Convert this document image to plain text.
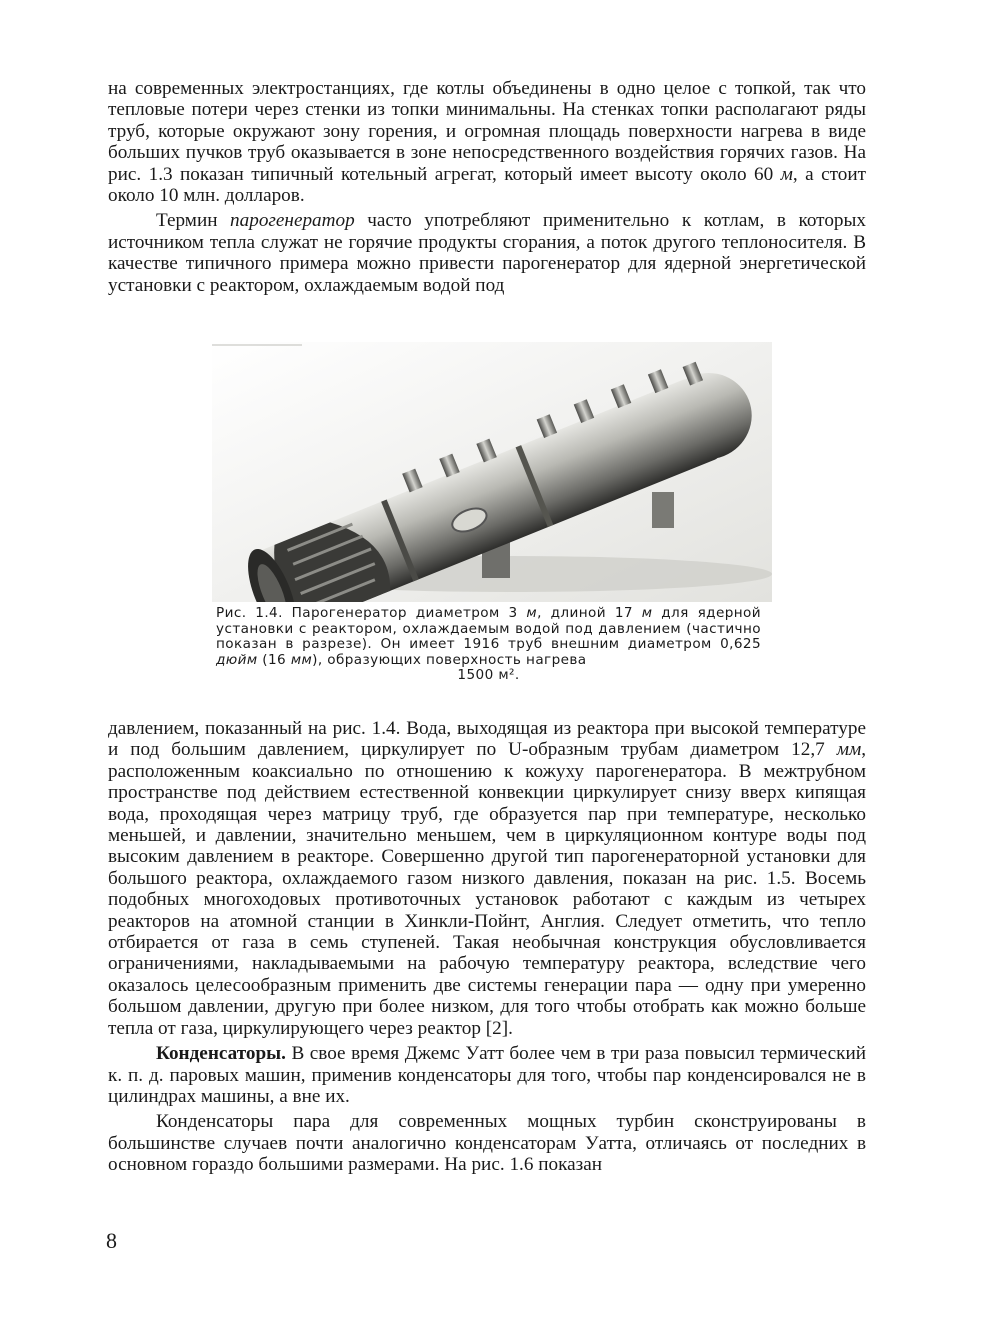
на современных электростанциях, где котлы объединены в одно целое с топкой, так что тепловые потери через стенки из топки минимальны. На стенках топки располагают ряды труб, которые окружают зону горения, и огромная площадь поверхности нагрева в виде больших пучков труб оказывается в зоне непосредственного воздействия горячих газов. На рис. 1.3 показан типичный котельный агрегат, который имеет высоту около 60 м, а стоит около 10 млн. долларов.

Термин парогенератор часто употребляют применительно к котлам, в которых источником тепла служат не горячие продукты сгорания, а поток другого теплоносителя. В качестве типичного примера можно привести парогенератор для ядерной энергетической установки с реактором, охлаждаемым водой под

Рис. 1.4. Парогенератор диаметром 3 м, длиной 17 м для ядерной установки с реактором, охлаждаемым водой под давлением (частично показан в разрезе). Он имеет 1916 труб внешним диаметром 0,625 дюйм (16 мм), образующих поверхность нагрева
1500 м².

давлением, показанный на рис. 1.4. Вода, выходящая из реактора при высокой температуре и под большим давлением, циркулирует по U-образным трубам диаметром 12,7 мм, расположенным коаксиально по отношению к кожуху парогенератора. В межтрубном пространстве под действием естественной конвекции циркулирует снизу вверх кипящая вода, проходящая через матрицу труб, где образуется пар при температуре, несколько меньшей, и давлении, значительно меньшем, чем в циркуляционном контуре воды под высоким давлением в реакторе. Совершенно другой тип парогенераторной установки для большого реактора, охлаждаемого газом низкого давления, показан на рис. 1.5. Восемь подобных многоходовых противоточных установок работают с каждым из четырех реакторов на атомной станции в Хинкли-Пойнт, Англия. Следует отметить, что тепло отбирается от газа в семь ступеней. Такая необычная конструкция обусловливается ограничениями, накладываемыми на рабочую температуру реактора, вследствие чего оказалось целесообразным применить две системы генерации пара — одну при умеренно большом давлении, другую при более низком, для того чтобы отобрать как можно больше тепла от газа, циркулирующего через реактор [2].

Конденсаторы. В свое время Джемс Уатт более чем в три раза повысил термический к. п. д. паровых машин, применив конденсаторы для того, чтобы пар конденсировался не в цилиндрах машины, а вне их.

Конденсаторы пара для современных мощных турбин сконструированы в большинстве случаев почти аналогично конденсаторам Уатта, отличаясь от последних в основном гораздо большими размерами. На рис. 1.6 показан

8
